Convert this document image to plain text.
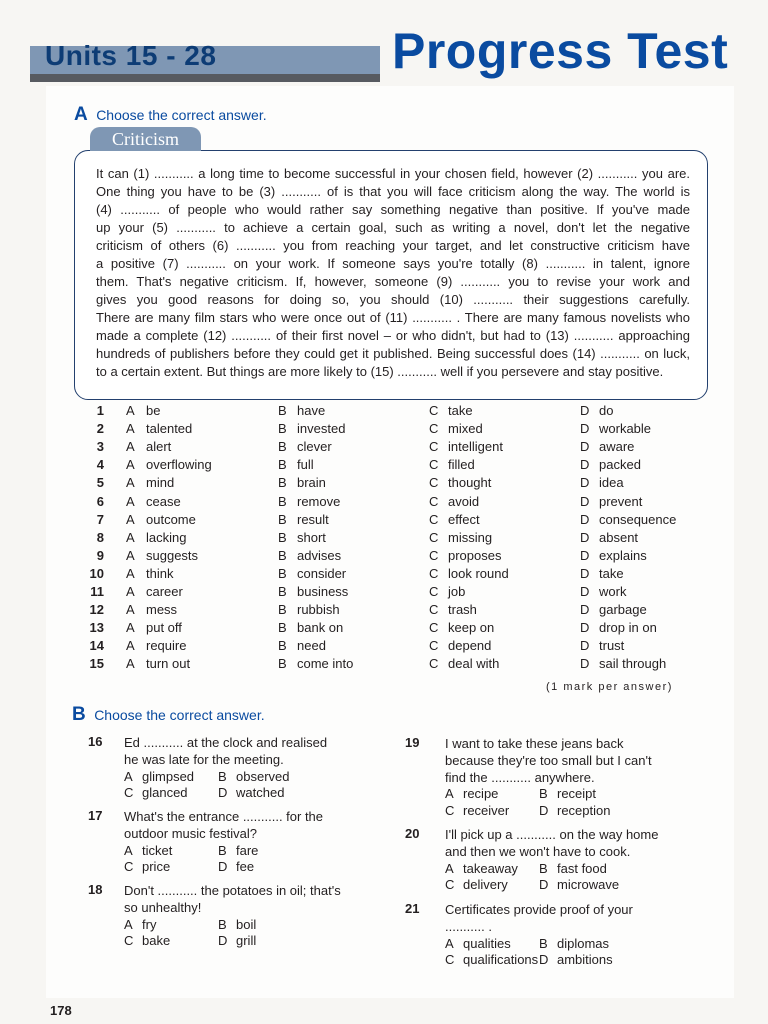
Units 15 - 28	Progress Test
A Choose the correct answer.
Criticism
It can (1) ........... a long time to become successful in your chosen field, however (2) ........... you are.
One thing you have to be (3) ........... of is that you will face criticism along the way. The world is
(4) ........... of people who would rather say something negative than positive. If you've made
up your (5) ........... to achieve a certain goal, such as writing a novel, don't let the negative
criticism of others (6) ........... you from reaching your target, and let constructive criticism have
a positive (7) ........... on your work. If someone says you're totally (8) ........... in talent, ignore
them. That's negative criticism. If, however, someone (9) ........... you to revise your work and
gives you good reasons for doing so, you should (10) ........... their suggestions carefully.
There are many film stars who were once out of (11) ........... . There are many famous novelists who
made a complete (12) ........... of their first novel – or who didn't, but had to (13) ........... approaching
hundreds of publishers before they could get it published. Being successful does (14) ........... on luck,
to a certain extent. But things are more likely to (15) ........... well if you persevere and stay positive.
1 A be	B have	C take	D do
2 A talented	B invested	C mixed	D workable
3 A alert	B clever	C intelligent	D aware
4 A overflowing	B full	C filled	D packed
5 A mind	B brain	C thought	D idea
6 A cease	B remove	C avoid	D prevent
7 A outcome	B result	C effect	D consequence
8 A lacking	B short	C missing	D absent
9 A suggests	B advises	C proposes	D explains
10 A think	B consider	C look round	D take
11 A career	B business	C job	D work
12 A mess	B rubbish	C trash	D garbage
13 A put off	B bank on	C keep on	D drop in on
14 A require	B need	C depend	D trust
15 A turn out	B come into	C deal with	D sail through
(1 mark per answer)
B Choose the correct answer.
16 Ed ........... at the clock and realised
he was late for the meeting.
A glimpsed B observed
C glanced D watched
17 What's the entrance ........... for the
outdoor music festival?
A ticket	B fare
C price	D fee
18 Don't ........... the potatoes in oil; that's
so unhealthy!
A fry	B boil
C bake	D grill
19 I want to take these jeans back
because they're too small but I can't
find the ........... anywhere.
A recipe	B receipt
C receiver D reception
20 I'll pick up a ........... on the way home
and then we won't have to cook.
A takeaway B fast food
C delivery D microwave
21 Certificates provide proof of your
........... .
A qualities B diplomas
C qualifications D ambitions
178
